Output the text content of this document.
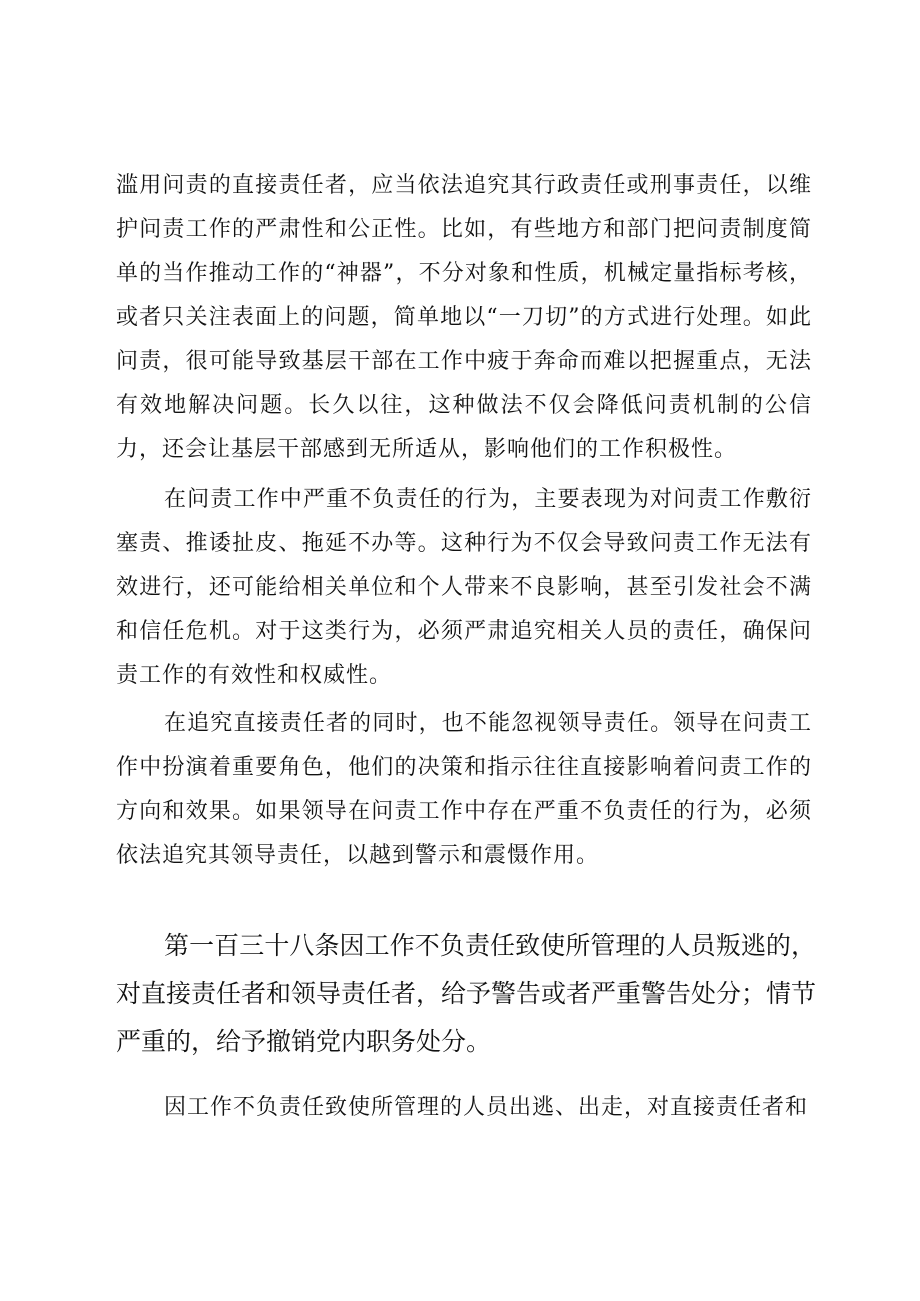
滥用问责的直接责任者，应当依法追究其行政责任或刑事责任，以维护问责工作的严肃性和公正性。比如，有些地方和部门把问责制度简单的当作推动工作的“神器”，不分对象和性质，机械定量指标考核，或者只关注表面上的问题，简单地以“一刀切”的方式进行处理。如此问责，很可能导致基层干部在工作中疲于奔命而难以把握重点，无法有效地解决问题。长久以往，这种做法不仅会降低问责机制的公信力，还会让基层干部感到无所适从，影响他们的工作积极性。

在问责工作中严重不负责任的行为，主要表现为对问责工作敷衍塞责、推诿扯皮、拖延不办等。这种行为不仅会导致问责工作无法有效进行，还可能给相关单位和个人带来不良影响，甚至引发社会不满和信任危机。对于这类行为，必须严肃追究相关人员的责任，确保问责工作的有效性和权威性。

在追究直接责任者的同时，也不能忽视领导责任。领导在问责工作中扮演着重要角色，他们的决策和指示往往直接影响着问责工作的方向和效果。如果领导在问责工作中存在严重不负责任的行为，必须依法追究其领导责任，以越到警示和震慑作用。

第一百三十八条因工作不负责任致使所管理的人员叛逃的，对直接责任者和领导责任者，给予警告或者严重警告处分；情节严重的，给予撤销党内职务处分。

因工作不负责任致使所管理的人员出逃、出走，对直接责任者和
